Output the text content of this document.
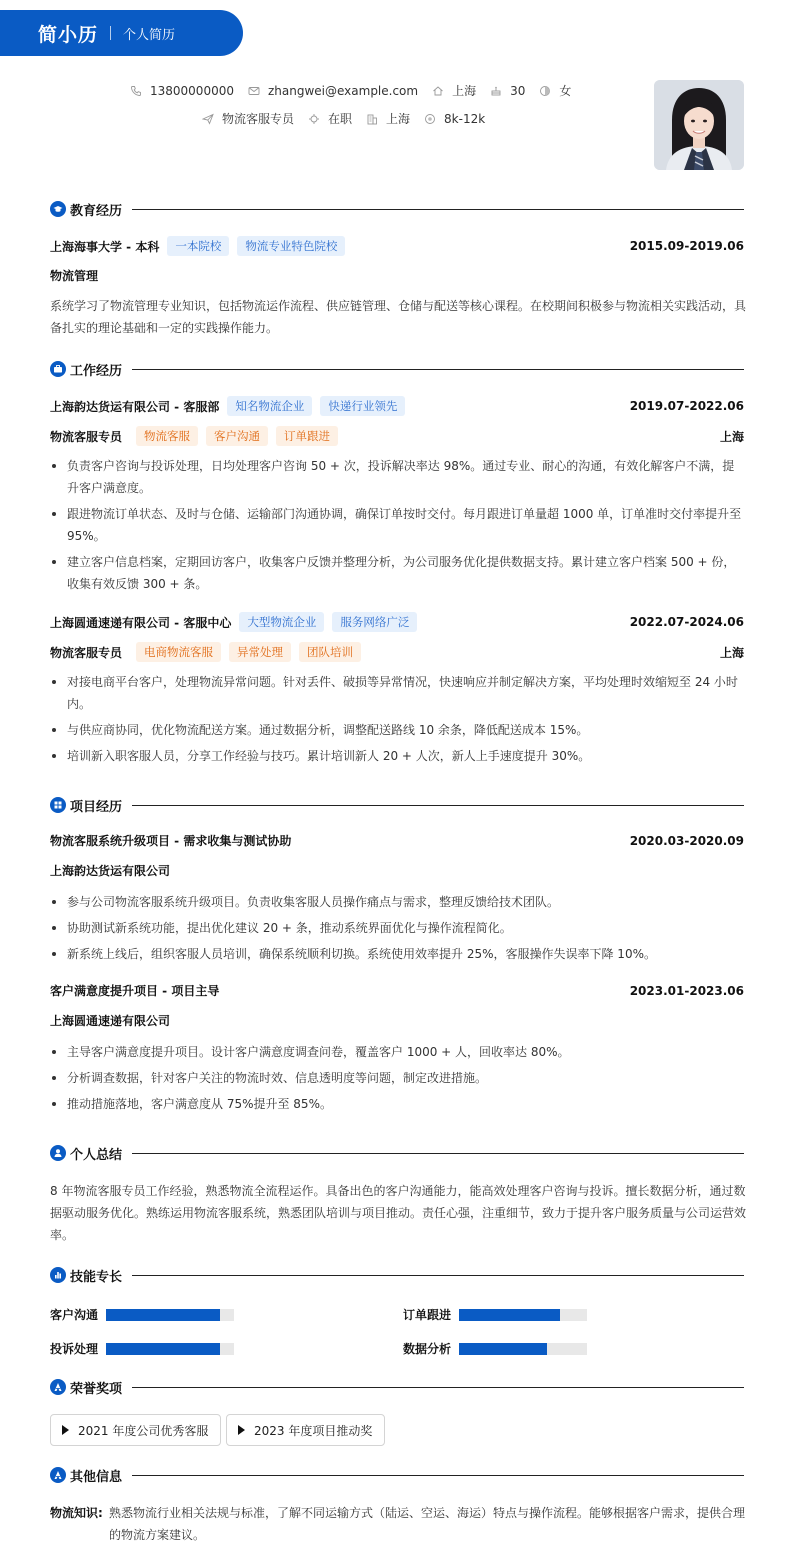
简小历 个人简历
13800000000	zhangwei@example.com	上海	30	女
物流客服专员	在职	上海	8k-12k
教育经历
上海海事大学 - 本科	一本院校	物流专业特色院校	2015.09-2019.06
物流管理

系统学习了物流管理专业知识，包括物流运作流程、供应链管理、仓储与配送等核心课程。在校期间积极参与物流相关实践活动，具备扎实的理论基础和一定的实践操作能力。

工作经历
上海韵达货运有限公司 - 客服部	知名物流企业	快递行业领先	2019.07-2022.06
物流客服专员	物流客服	客户沟通	订单跟进	上海
负责客户咨询与投诉处理，日均处理客户咨询 50 + 次，投诉解决率达 98%。通过专业、耐心的沟通，有效化解客户不满，提升客户满意度。
跟进物流订单状态、及时与仓储、运输部门沟通协调，确保订单按时交付。每月跟进订单量超 1000 单，订单准时交付率提升至 95%。
建立客户信息档案，定期回访客户，收集客户反馈并整理分析，为公司服务优化提供数据支持。累计建立客户档案 500 + 份，收集有效反馈 300 + 条。
上海圆通速递有限公司 - 客服中心	大型物流企业	服务网络广泛	2022.07-2024.06
物流客服专员	电商物流客服	异常处理	团队培训	上海
对接电商平台客户，处理物流异常问题。针对丢件、破损等异常情况，快速响应并制定解决方案，平均处理时效缩短至 24 小时内。
与供应商协同，优化物流配送方案。通过数据分析，调整配送路线 10 余条，降低配送成本 15%。
培训新入职客服人员，分享工作经验与技巧。累计培训新人 20 + 人次，新人上手速度提升 30%。
项目经历
物流客服系统升级项目 - 需求收集与测试协助	2020.03-2020.09
上海韵达货运有限公司
参与公司物流客服系统升级项目。负责收集客服人员操作痛点与需求，整理反馈给技术团队。
协助测试新系统功能，提出优化建议 20 + 条，推动系统界面优化与操作流程简化。
新系统上线后，组织客服人员培训，确保系统顺利切换。系统使用效率提升 25%，客服操作失误率下降 10%。
客户满意度提升项目 - 项目主导	2023.01-2023.06
上海圆通速递有限公司
主导客户满意度提升项目。设计客户满意度调查问卷，覆盖客户 1000 + 人，回收率达 80%。
分析调查数据，针对客户关注的物流时效、信息透明度等问题，制定改进措施。
推动措施落地，客户满意度从 75%提升至 85%。
个人总结

8 年物流客服专员工作经验，熟悉物流全流程运作。具备出色的客户沟通能力，能高效处理客户咨询与投诉。擅长数据分析，通过数据驱动服务优化。熟练运用物流客服系统，熟悉团队培训与项目推动。责任心强，注重细节，致力于提升客户服务质量与公司运营效率。

技能专长
客户沟通	订单跟进
投诉处理	数据分析
荣誉奖项
2021 年度公司优秀客服	2023 年度项目推动奖
其他信息
物流知识: 熟悉物流行业相关法规与标准，了解不同运输方式（陆运、空运、海运）特点与操作流程。能够根据客户需求，提供合理的物流方案建议。
